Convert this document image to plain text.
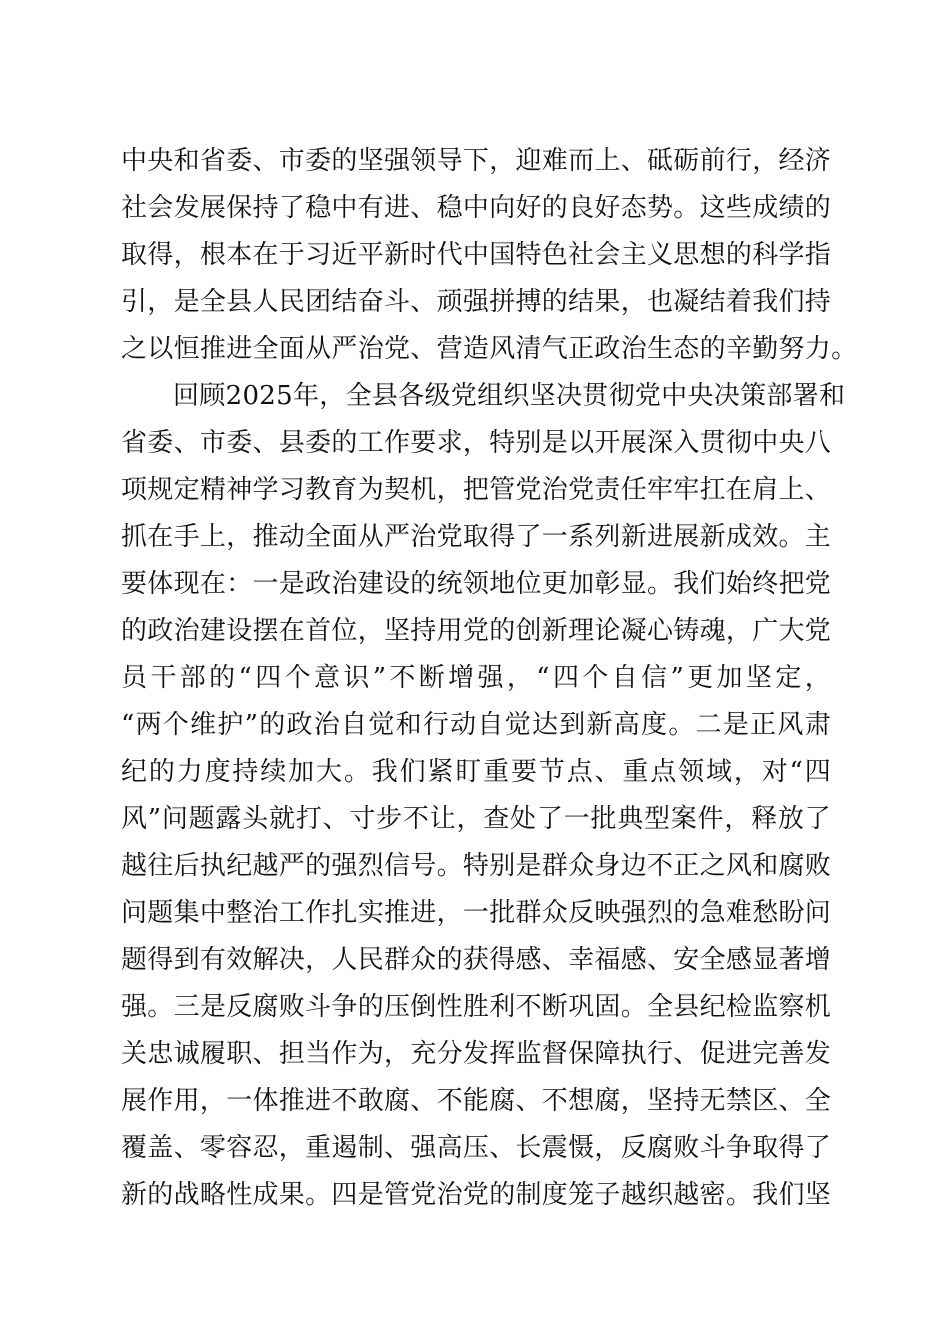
中央和省委、市委的坚强领导下，迎难而上、砥砺前行，经济
社会发展保持了稳中有进、稳中向好的良好态势。这些成绩的
取得，根本在于习近平新时代中国特色社会主义思想的科学指
引，是全县人民团结奋斗、顽强拼搏的结果，也凝结着我们持
之以恒推进全面从严治党、营造风清气正政治生态的辛勤努力。
回顾2025年，全县各级党组织坚决贯彻党中央决策部署和
省委、市委、县委的工作要求，特别是以开展深入贯彻中央八
项规定精神学习教育为契机，把管党治党责任牢牢扛在肩上、
抓在手上，推动全面从严治党取得了一系列新进展新成效。主
要体现在：一是政治建设的统领地位更加彰显。我们始终把党
的政治建设摆在首位，坚持用党的创新理论凝心铸魂，广大党
员干部的“四个意识”不断增强，“四个自信”更加坚定，
“两个维护”的政治自觉和行动自觉达到新高度。二是正风肃
纪的力度持续加大。我们紧盯重要节点、重点领域，对“四
风”问题露头就打、寸步不让，查处了一批典型案件，释放了
越往后执纪越严的强烈信号。特别是群众身边不正之风和腐败
问题集中整治工作扎实推进，一批群众反映强烈的急难愁盼问
题得到有效解决，人民群众的获得感、幸福感、安全感显著增
强。三是反腐败斗争的压倒性胜利不断巩固。全县纪检监察机
关忠诚履职、担当作为，充分发挥监督保障执行、促进完善发
展作用，一体推进不敢腐、不能腐、不想腐，坚持无禁区、全
覆盖、零容忍，重遏制、强高压、长震慑，反腐败斗争取得了
新的战略性成果。四是管党治党的制度笼子越织越密。我们坚
